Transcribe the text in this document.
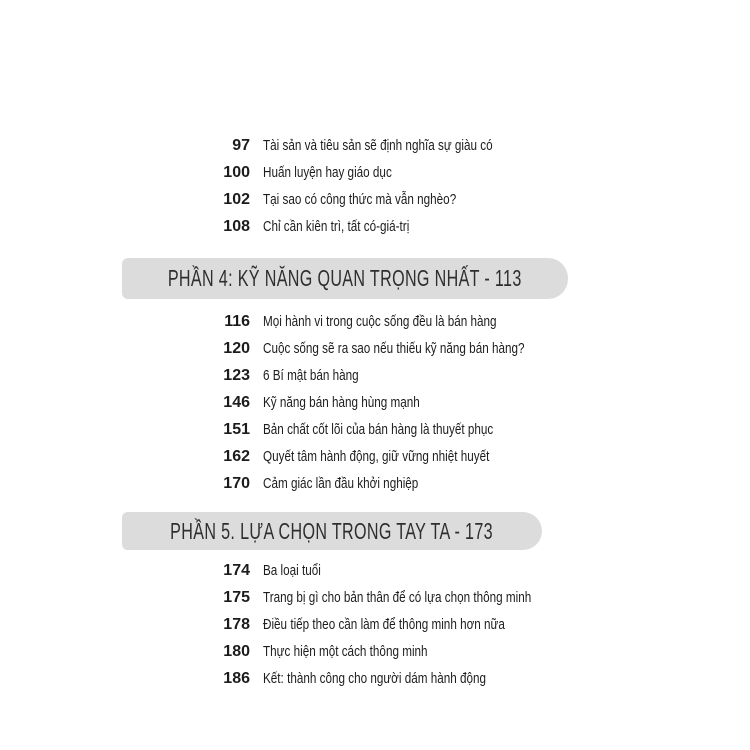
97 Tài sản và tiêu sản sẽ định nghĩa sự giàu có
100 Huấn luyện hay giáo dục
102 Tại sao có công thức mà vẫn nghèo?
108 Chỉ cần kiên trì, tất có-giá-trị
PHẦN 4: KỸ NĂNG QUAN TRỌNG NHẤT - 113
116 Mọi hành vi trong cuộc sống đều là bán hàng
120 Cuộc sống sẽ ra sao nếu thiếu kỹ năng bán hàng?
123 6 Bí mật bán hàng
146 Kỹ năng bán hàng hùng mạnh
151 Bản chất cốt lõi của bán hàng là thuyết phục
162 Quyết tâm hành động, giữ vững nhiệt huyết
170 Cảm giác lần đầu khởi nghiệp
PHẦN 5. LỰA CHỌN TRONG TAY TA - 173
174 Ba loại tuổi
175 Trang bị gì cho bản thân để có lựa chọn thông minh
178 Điều tiếp theo cần làm để thông minh hơn nữa
180 Thực hiện một cách thông minh
186 Kết: thành công cho người dám hành động
